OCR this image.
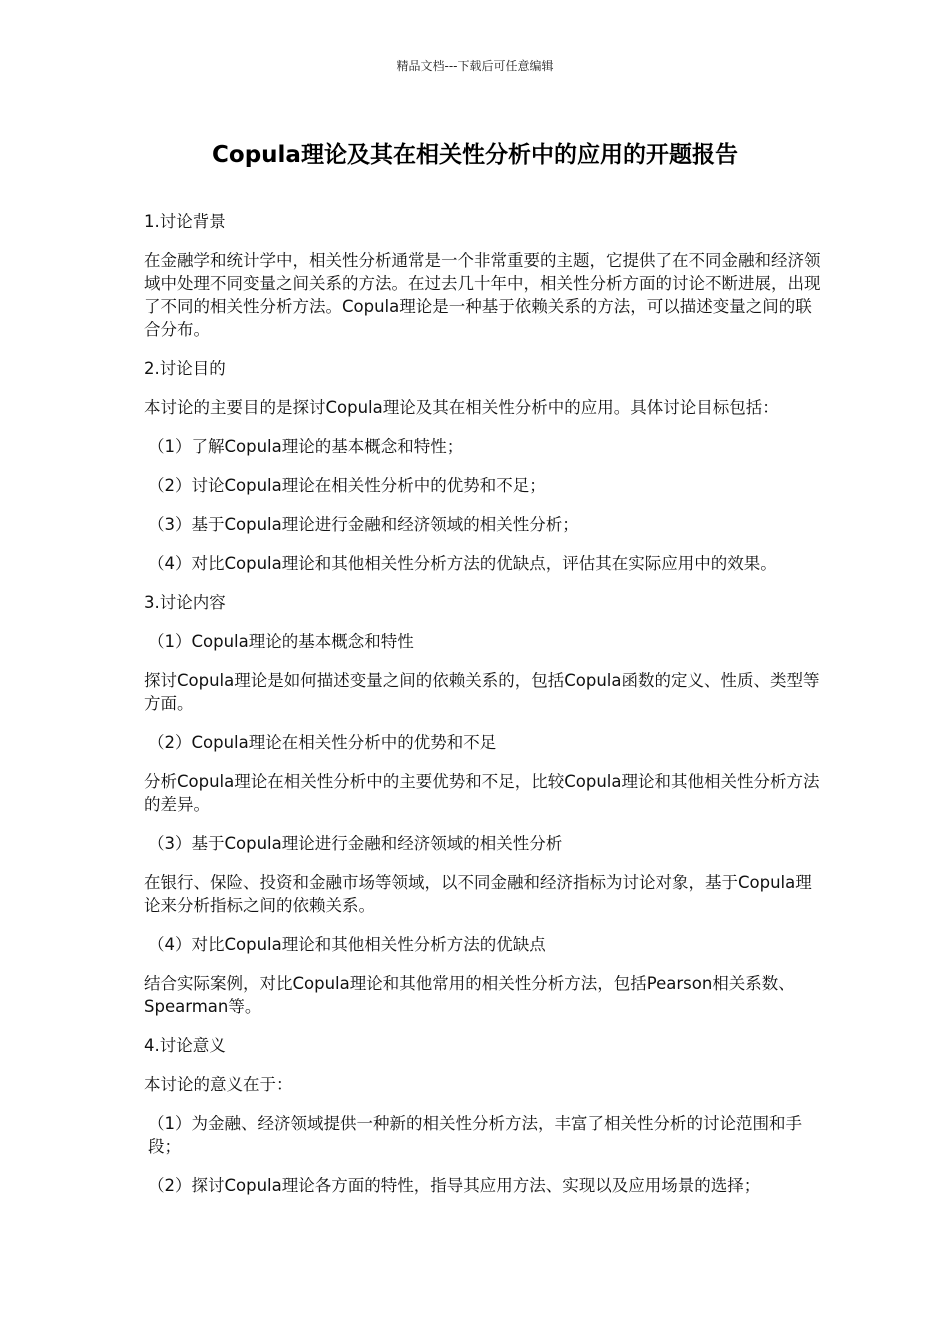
精品文档---下载后可任意编辑
Copula理论及其在相关性分析中的应用的开题报告

1.讨论背景

在金融学和统计学中，相关性分析通常是一个非常重要的主题，它提供了在不同金融和经济领域中处理不同变量之间关系的方法。在过去几十年中，相关性分析方面的讨论不断进展，出现了不同的相关性分析方法。Copula理论是一种基于依赖关系的方法，可以描述变量之间的联合分布。

2.讨论目的

本讨论的主要目的是探讨Copula理论及其在相关性分析中的应用。具体讨论目标包括：

（1）了解Copula理论的基本概念和特性；

（2）讨论Copula理论在相关性分析中的优势和不足；

（3）基于Copula理论进行金融和经济领域的相关性分析；

（4）对比Copula理论和其他相关性分析方法的优缺点，评估其在实际应用中的效果。

3.讨论内容

（1）Copula理论的基本概念和特性

探讨Copula理论是如何描述变量之间的依赖关系的，包括Copula函数的定义、性质、类型等方面。

（2）Copula理论在相关性分析中的优势和不足

分析Copula理论在相关性分析中的主要优势和不足，比较Copula理论和其他相关性分析方法的差异。

（3）基于Copula理论进行金融和经济领域的相关性分析

在银行、保险、投资和金融市场等领域，以不同金融和经济指标为讨论对象，基于Copula理论来分析指标之间的依赖关系。

（4）对比Copula理论和其他相关性分析方法的优缺点

结合实际案例，对比Copula理论和其他常用的相关性分析方法，包括Pearson相关系数、Spearman等。

4.讨论意义

本讨论的意义在于：

（1）为金融、经济领域提供一种新的相关性分析方法，丰富了相关性分析的讨论范围和手段；

（2）探讨Copula理论各方面的特性，指导其应用方法、实现以及应用场景的选择；
